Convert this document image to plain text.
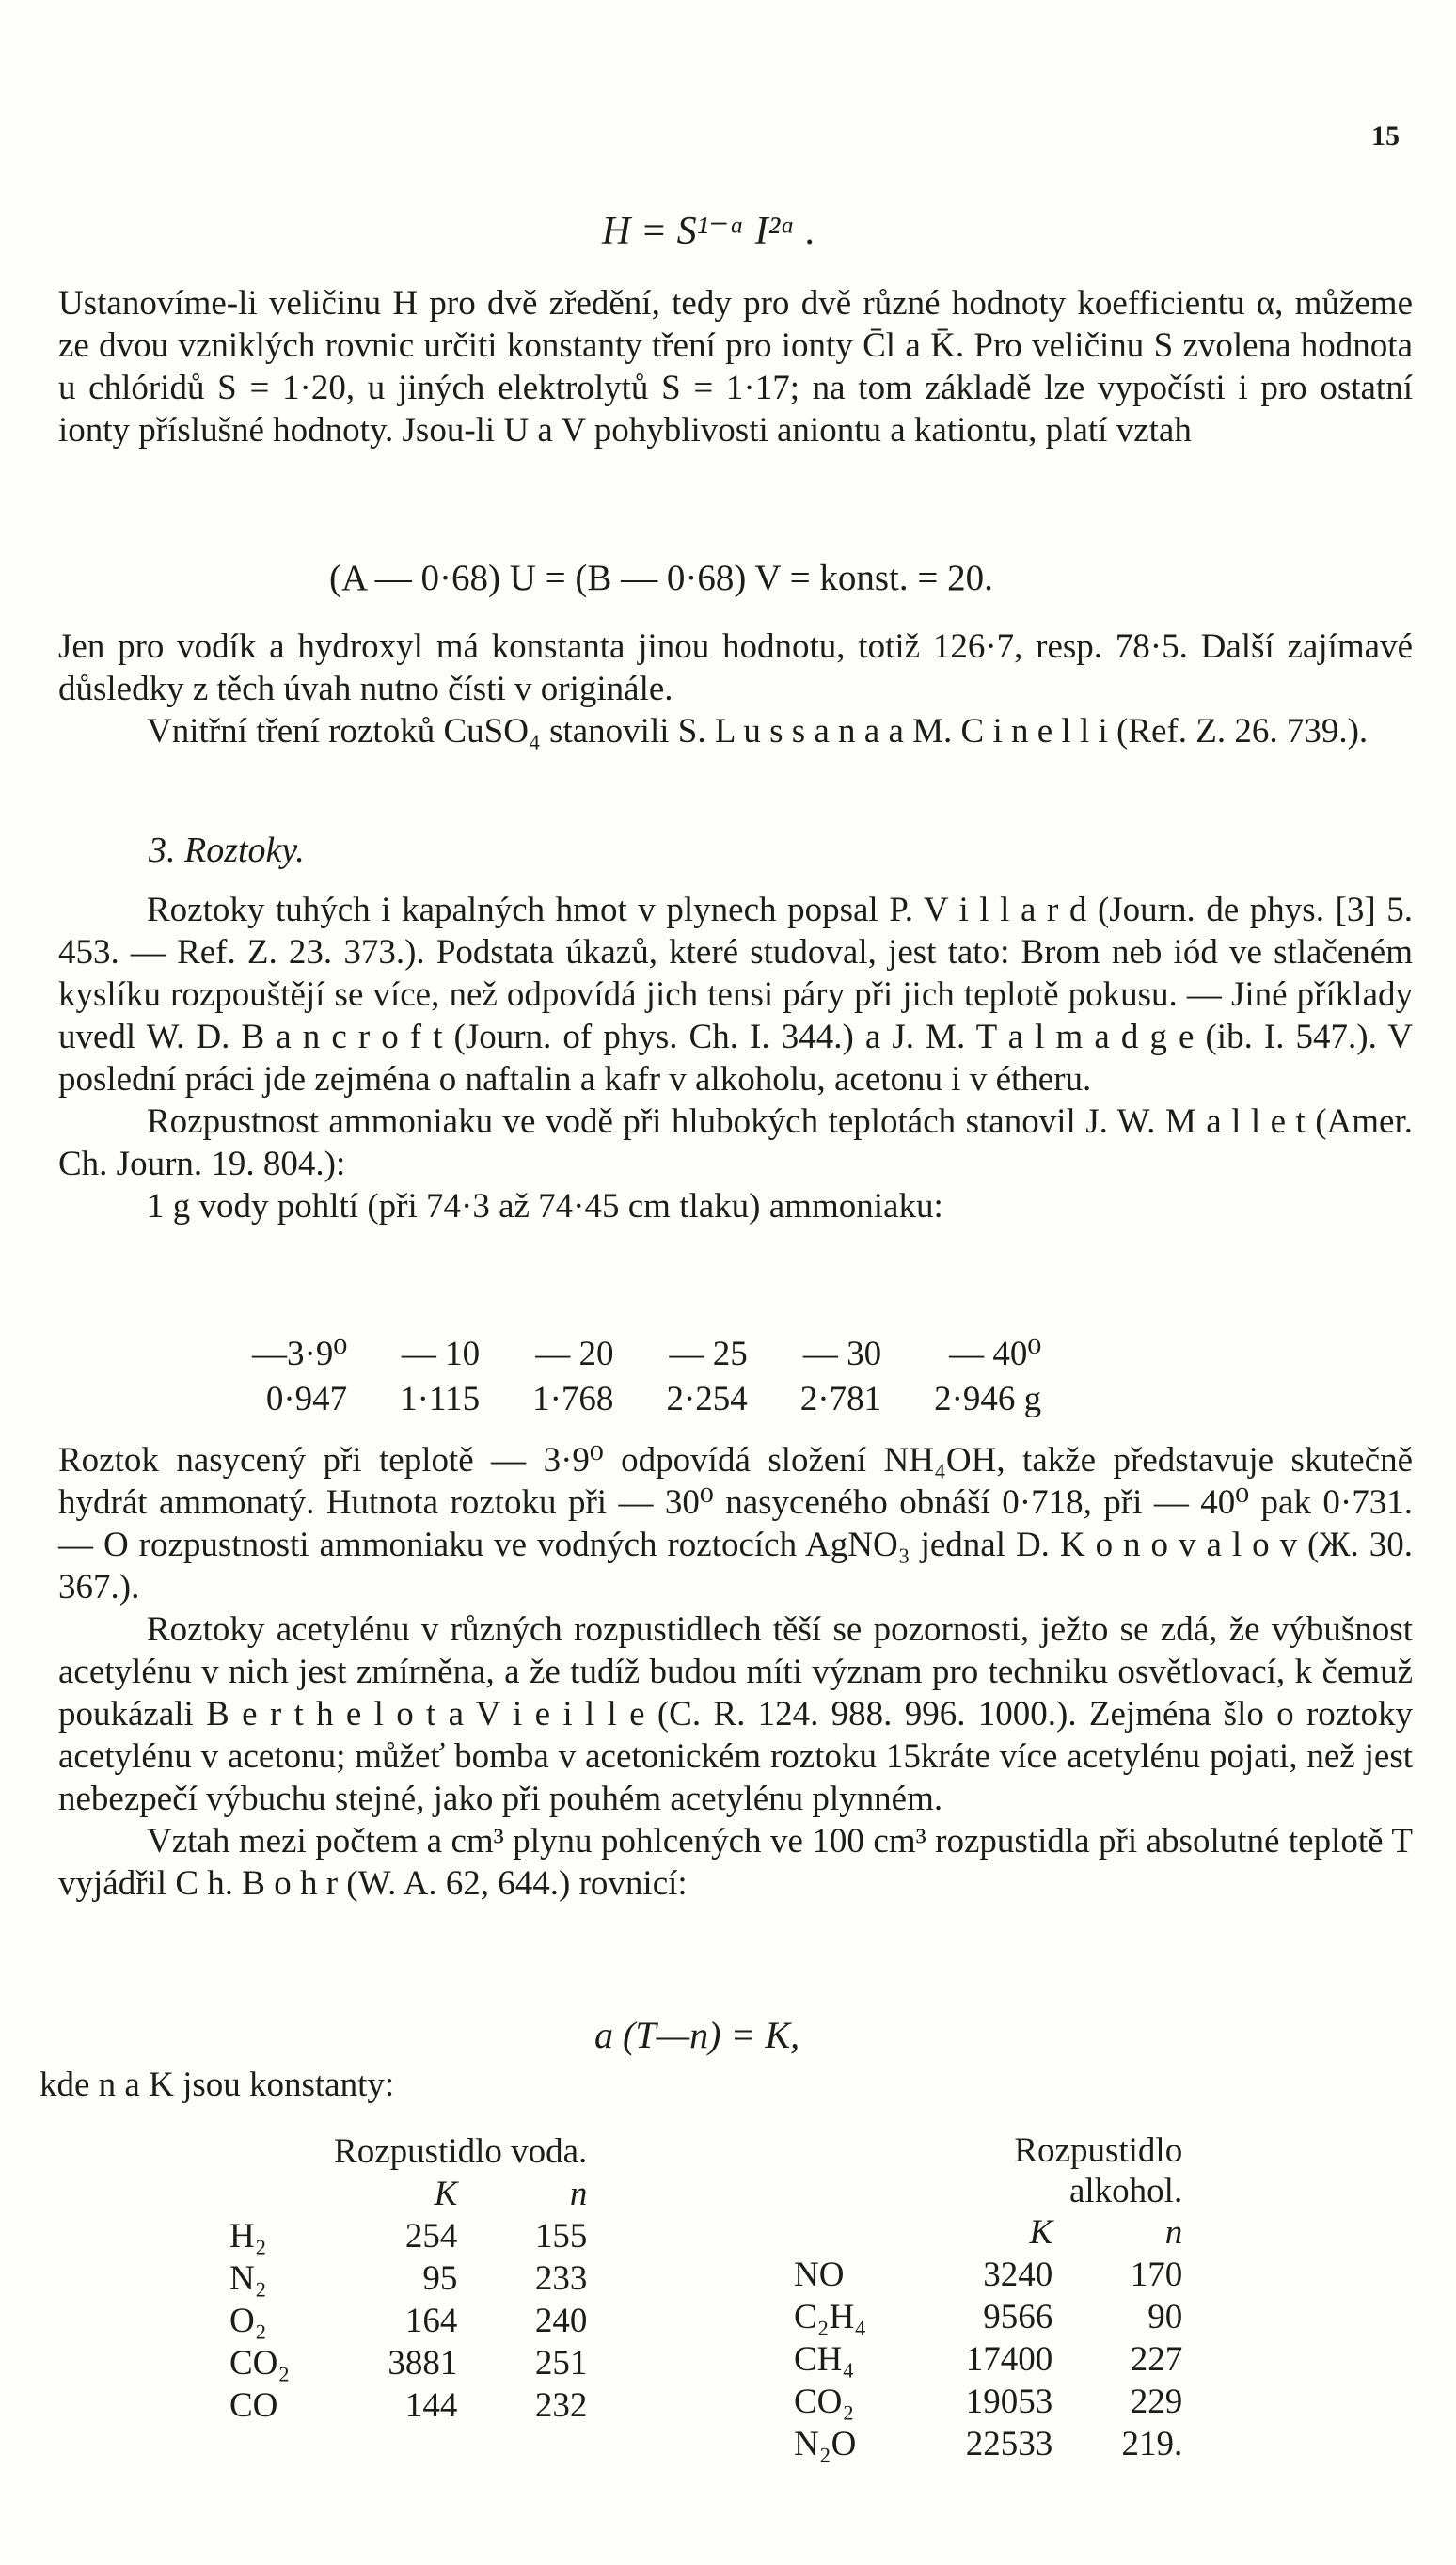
15
H = S¹⁻ᵅ I²ᵅ .

Ustanovíme-li veličinu H pro dvě zředění, tedy pro dvě různé hodnoty koefficientu α, můžeme ze dvou vzniklých rovnic určiti konstanty tření pro ionty C̄l a K̄. Pro veličinu S zvolena hodnota u chlóridů S = 1·20, u jiných elektrolytů S = 1·17; na tom základě lze vypočísti i pro ostatní ionty příslušné hodnoty. Jsou-li U a V pohyblivosti aniontu a kationtu, platí vztah

(A — 0·68) U = (B — 0·68) V = konst. = 20.

Jen pro vodík a hydroxyl má konstanta jinou hodnotu, totiž 126·7, resp. 78·5. Další zajímavé důsledky z těch úvah nutno čísti v originále.

Vnitřní tření roztoků CuSO₄ stanovili S. L u s s a n a a M. C i n e l l i (Ref. Z. 26. 739.).

3. Roztoky.

Roztoky tuhých i kapalných hmot v plynech popsal P. V i l l a r d (Journ. de phys. [3] 5. 453. — Ref. Z. 23. 373.). Podstata úkazů, které studoval, jest tato: Brom neb iód ve stlačeném kyslíku rozpouštějí se více, než odpovídá jich tensi páry při jich teplotě pokusu. — Jiné příklady uvedl W. D. B a n c r o f t (Journ. of phys. Ch. I. 344.) a J. M. T a l m a d g e (ib. I. 547.). V poslední práci jde zejména o naftalin a kafr v alkoholu, acetonu i v étheru.

Rozpustnost ammoniaku ve vodě při hlubokých teplotách stanovil J. W. M a l l e t (Amer. Ch. Journ. 19. 804.):

1 g vody pohltí (při 74·3 až 74·45 cm tlaku) ammoniaku:

—3·9⁰	— 10	— 20	— 25	— 30	— 40⁰
0·947	1·115	1·768	2·254	2·781	2·946 g

Roztok nasycený při teplotě — 3·9⁰ odpovídá složení NH₄OH, takže představuje skutečně hydrát ammonatý. Hutnota roztoku při — 30⁰ nasyceného obnáší 0·718, při — 40⁰ pak 0·731. — O rozpustnosti ammoniaku ve vodných roztocích AgNO₃ jednal D. K o n o v a l o v (Ж. 30. 367.).

Roztoky acetylénu v různých rozpustidlech těší se pozornosti, ježto se zdá, že výbušnost acetylénu v nich jest zmírněna, a že tudíž budou míti význam pro techniku osvětlovací, k čemuž poukázali B e r t h e l o t a V i e i l l e (C. R. 124. 988. 996. 1000.). Zejména šlo o roztoky acetylénu v acetonu; můžeť bomba v acetonickém roztoku 15kráte více acetylénu pojati, než jest nebezpečí výbuchu stejné, jako při pouhém acetylénu plynném.

Vztah mezi počtem a cm³ plynu pohlcených ve 100 cm³ rozpustidla při absolutné teplotě T vyjádřil C h. B o h r (W. A. 62, 644.) rovnicí:

a (T—n) = K,
kde n a K jsou konstanty:
	Rozpustidlo voda.	
	K	n
H₂	254	155
N₂	95	233
O₂	164	240
CO₂	3881	251
CO	144	232
	Rozpustidlo alkohol.	
	K	n
NO	3240	170
C₂H₄	9566	90
CH₄	17400	227
CO₂	19053	229
N₂O	22533	219.
